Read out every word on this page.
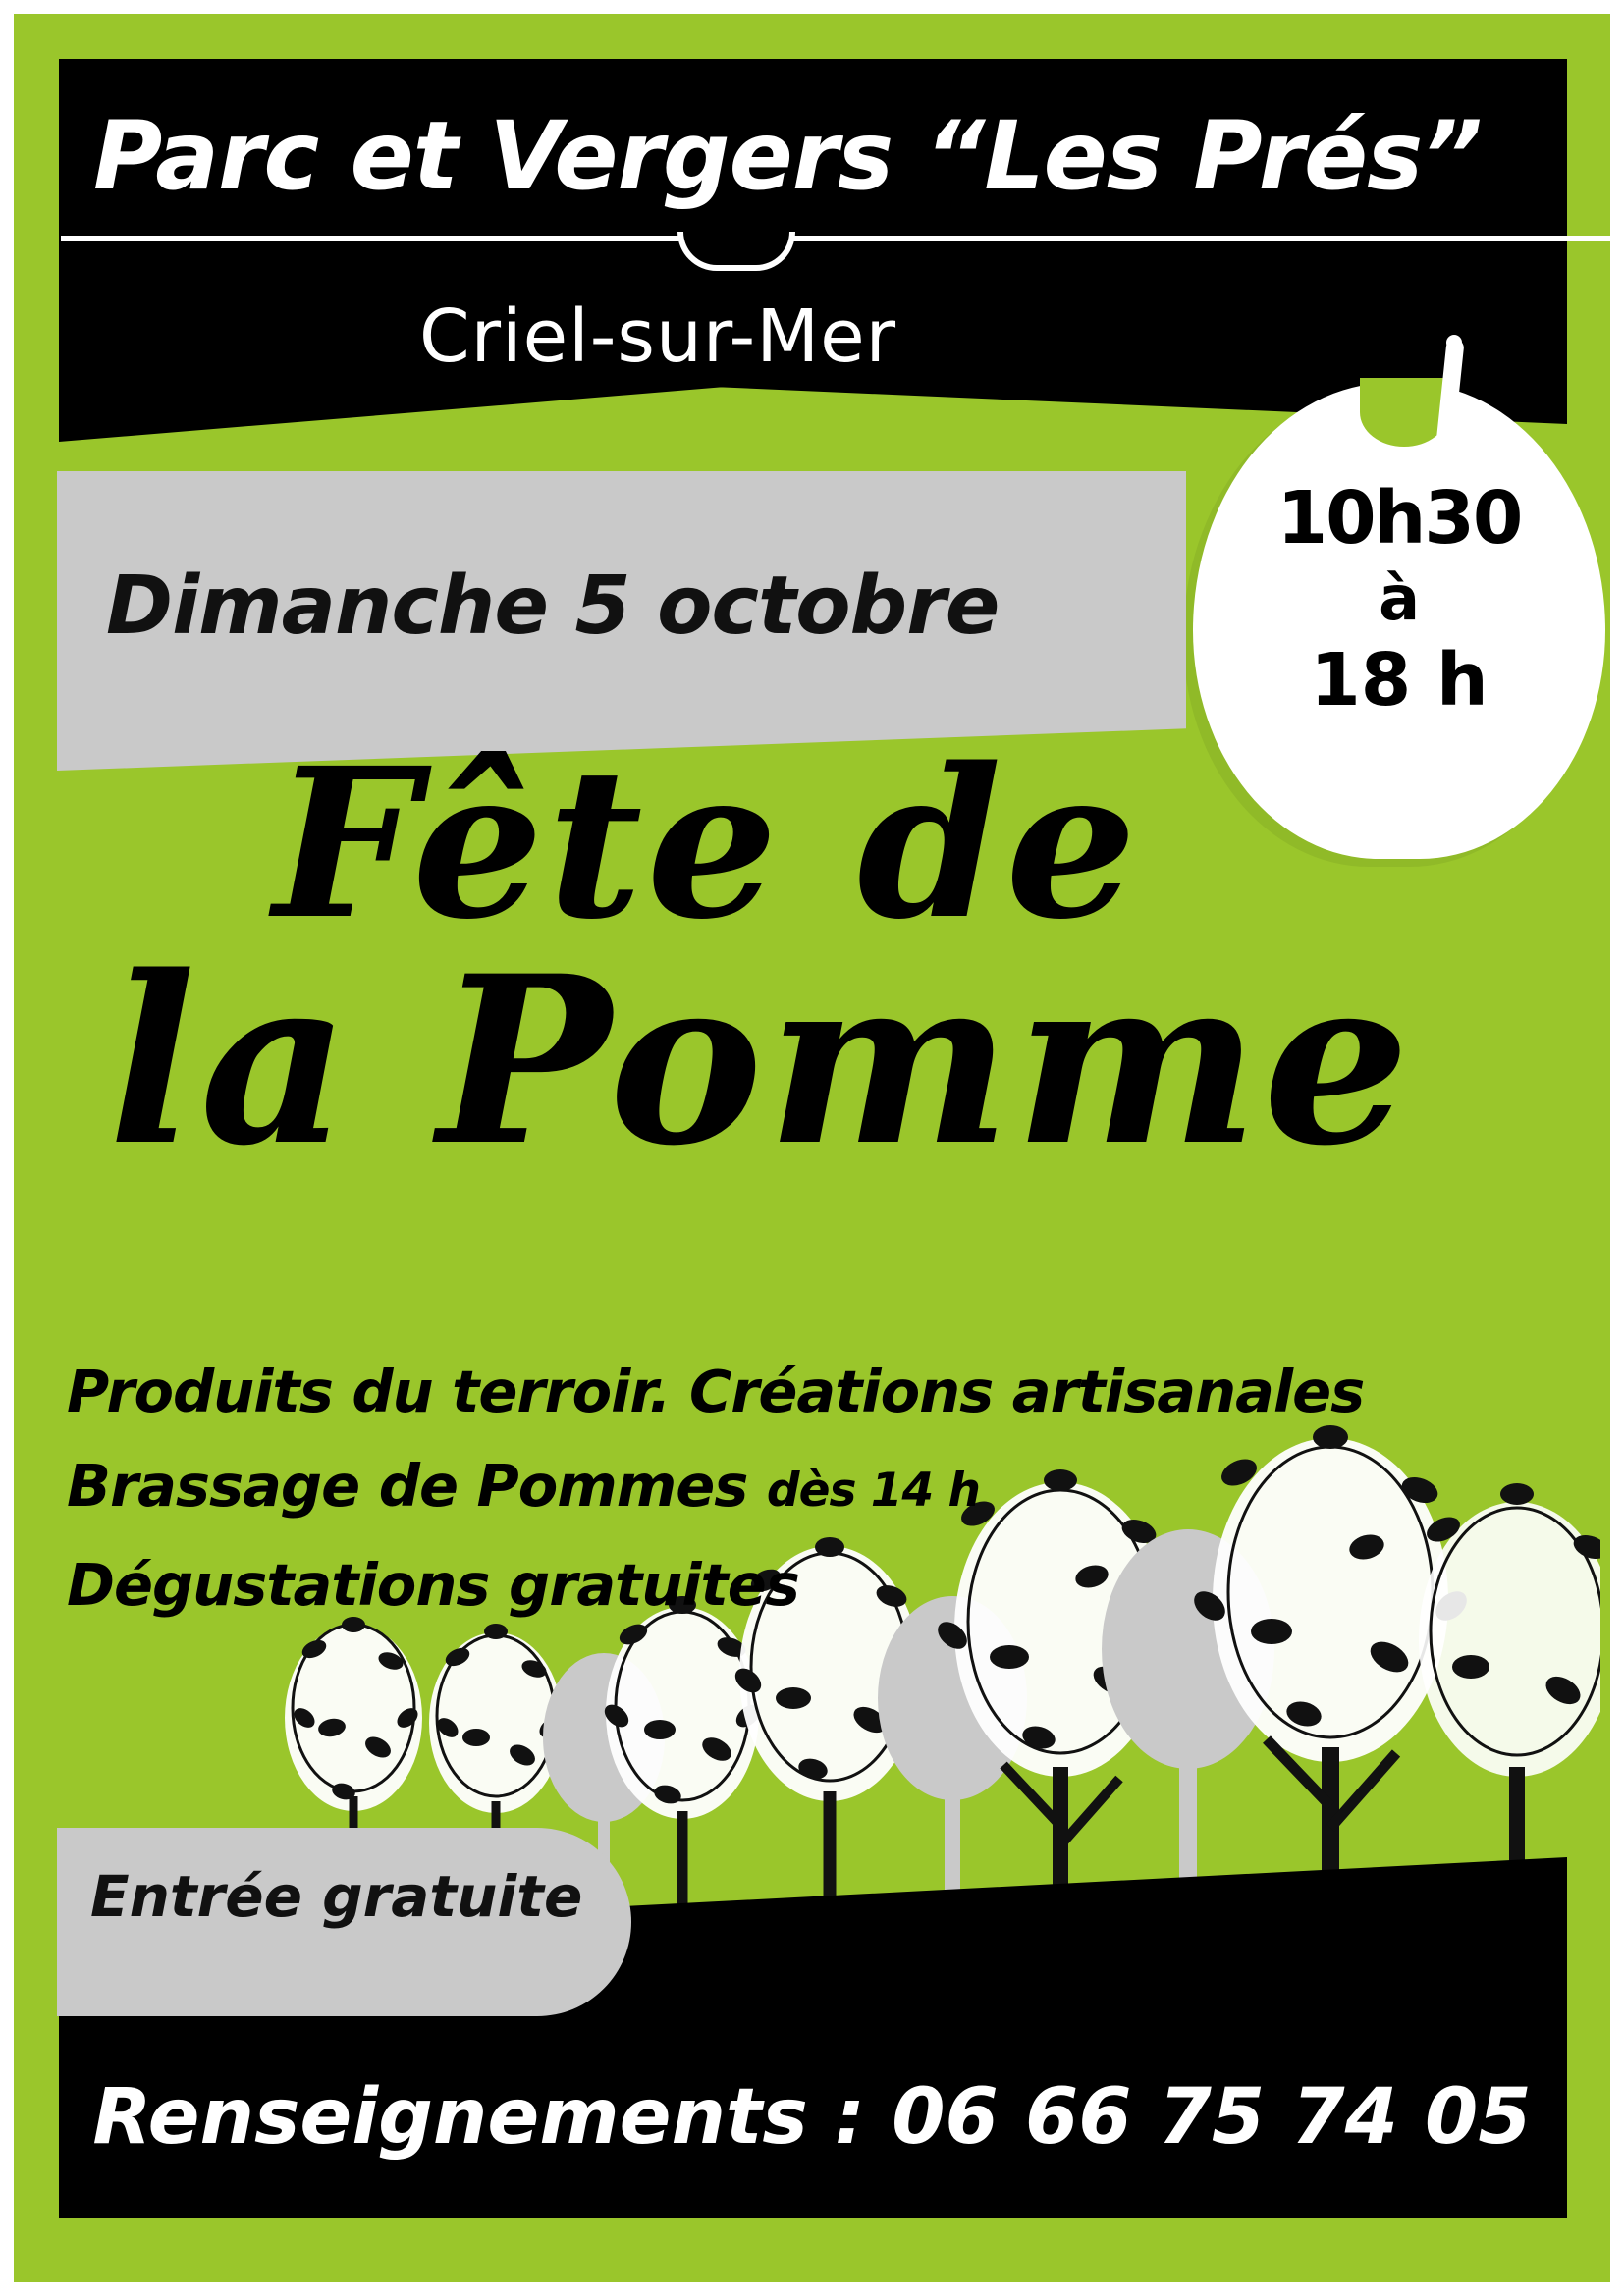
Parc et Vergers “Les Prés”
Criel-sur-Mer
10h30
à
18 h
Dimanche 5 octobre
Fête de
la Pomme
Produits du terroir. Créations artisanales
Brassage de Pommes dès 14 h
Dégustations gratuites
Entrée gratuite
Renseignements : 06 66 75 74 05
